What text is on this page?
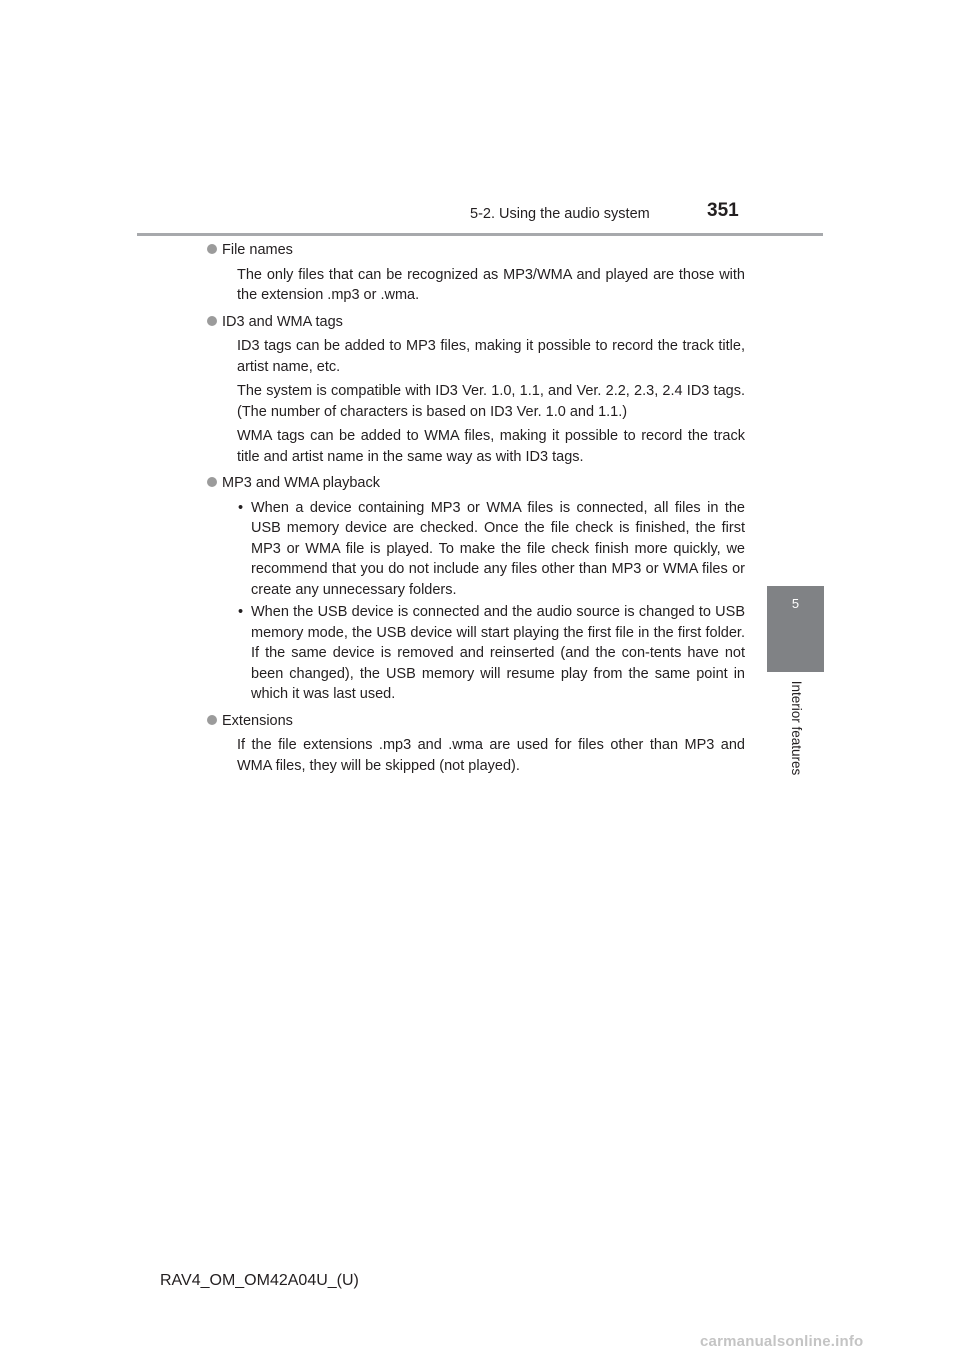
5-2. Using the audio system	351
5
Interior features
File names

The only files that can be recognized as MP3/WMA and played are those with the extension .mp3 or .wma.

ID3 and WMA tags

ID3 tags can be added to MP3 files, making it possible to record the track title, artist name, etc.

The system is compatible with ID3 Ver. 1.0, 1.1, and Ver. 2.2, 2.3, 2.4 ID3 tags. (The number of characters is based on ID3 Ver. 1.0 and 1.1.)

WMA tags can be added to WMA files, making it possible to record the track title and artist name in the same way as with ID3 tags.

MP3 and WMA playback
• When a device containing MP3 or WMA files is connected, all files in the USB memory device are checked. Once the file check is finished, the first MP3 or WMA file is played. To make the file check finish more quickly, we recommend that you do not include any files other than MP3 or WMA files or create any unnecessary folders.
• When the USB device is connected and the audio source is changed to USB memory mode, the USB device will start playing the first file in the first folder. If the same device is removed and reinserted (and the con-tents have not been changed), the USB memory will resume play from the same point in which it was last used.
Extensions

If the file extensions .mp3 and .wma are used for files other than MP3 and WMA files, they will be skipped (not played).

RAV4_OM_OM42A04U_(U)
carmanualsonline.info
